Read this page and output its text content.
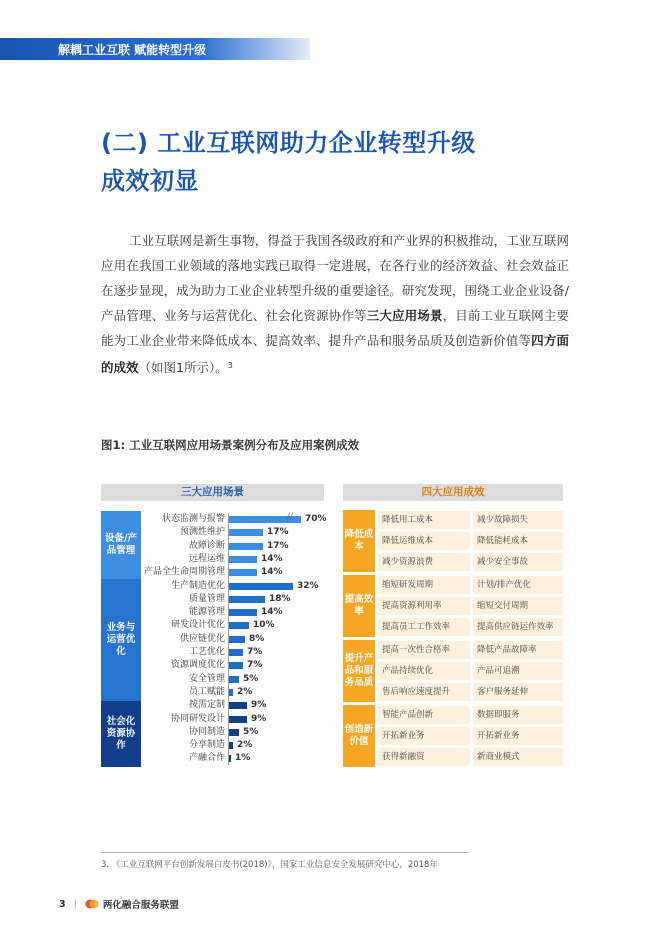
解耦工业互联 赋能转型升级
(二) 工业互联网助力企业转型升级
成效初显
工业互联网是新生事物，得益于我国各级政府和产业界的积极推动，工业互联网应用在我国工业领域的落地实践已取得一定进展，在各行业的经济效益、社会效益正在逐步显现，成为助力工业企业转型升级的重要途径。研究发现，围绕工业企业设备/产品管理、业务与运营优化、社会化资源协作等三大应用场景，目前工业互联网主要能为工业企业带来降低成本、提高效率、提升产品和服务品质及创造新价值等四方面的成效（如图1所示）。$^3$
图1: 工业互联网应用场景案例分布及应用案例成效
三大应用场景	四大应用成效
设备/产品管理
业务与运营优化
社会化资源协作
状态监测与报警	// 70%
预测性维护	17%
故障诊断	17%
远程运维	14%
产品全生命周期管理	14%
生产制造优化	32%
质量管理	18%
能源管理	14%
研发设计优化	10%
供应链优化	8%
工艺优化 7%
资源调度优化 7%
安全管理 5%
员工赋能 2%
按需定制	9%
协同研发设计	9%
协同制造 5%
分享制造 2%
产融合作 1%
降低成本
降低用工成本	减少故障损失
降低运维成本	降低能耗成本
减少资源浪费	减少安全事故
提高效率
缩短研发周期	计划/排产优化
提高资源利用率	缩短交付周期
提高员工工作效率	提高供应链运作效率
提升产品和服务品质
提高一次性合格率	降低产品故障率
产品持续优化	产品可追溯
售后响应速度提升	客户服务延伸
创造新价值
智能产品创新	数据即服务
开拓新业务	开拓新业务
获得新融资	新商业模式
3. 《工业互联网平台创新发展白皮书(2018)》，国家工业信息安全发展研究中心，2018年
3 |	两化融合服务联盟
